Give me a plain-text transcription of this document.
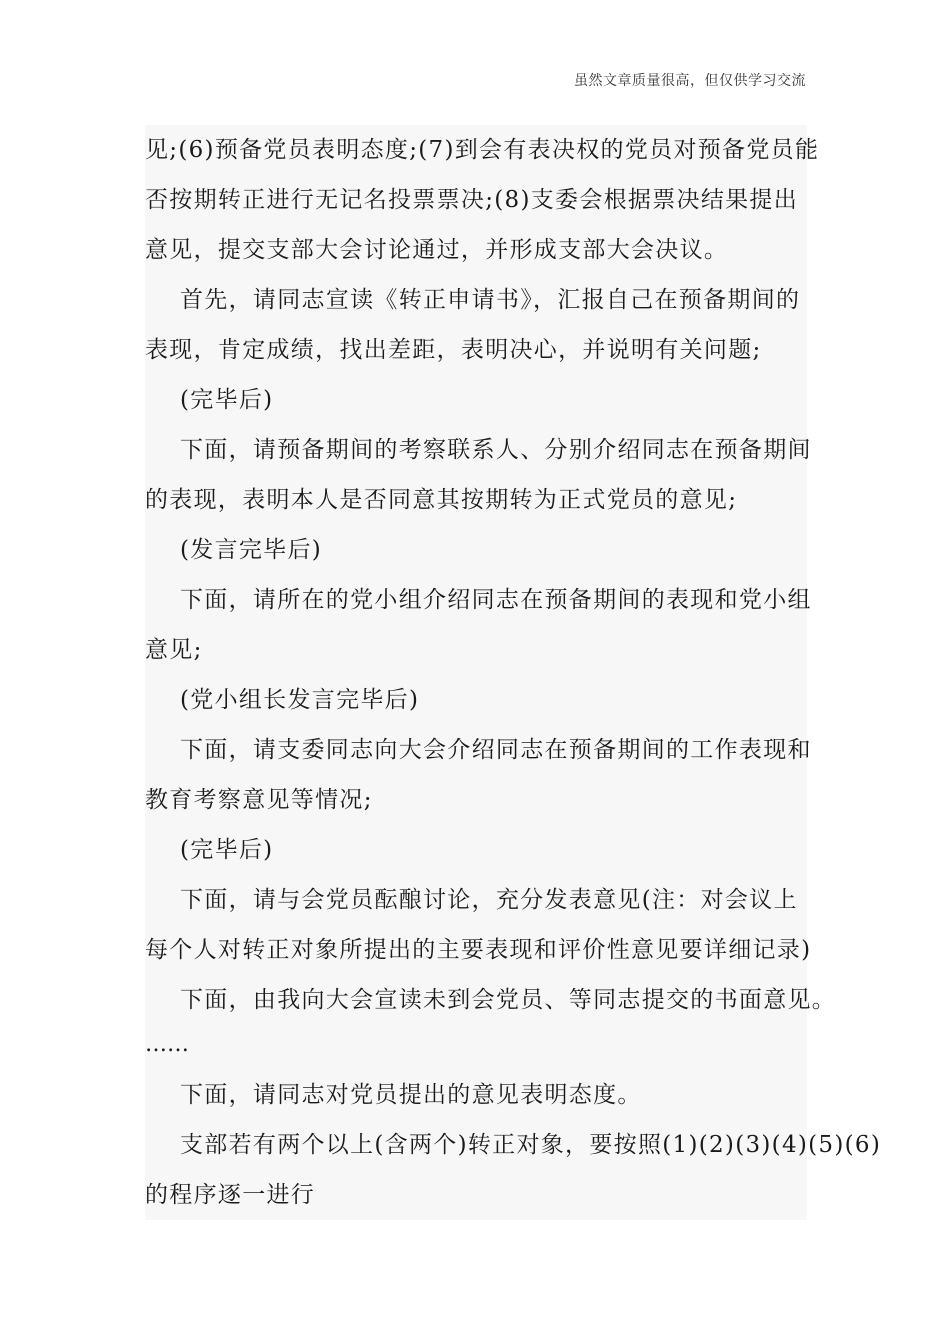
虽然文章质量很高，但仅供学习交流
见;(6)预备党员表明态度;(7)到会有表决权的党员对预备党员能
否按期转正进行无记名投票票决;(8)支委会根据票决结果提出
意见，提交支部大会讨论通过，并形成支部大会决议。
首先，请同志宣读《转正申请书》，汇报自己在预备期间的
表现，肯定成绩，找出差距，表明决心，并说明有关问题;
(完毕后)
下面，请预备期间的考察联系人、分别介绍同志在预备期间
的表现，表明本人是否同意其按期转为正式党员的意见;
(发言完毕后)
下面，请所在的党小组介绍同志在预备期间的表现和党小组
意见;
(党小组长发言完毕后)
下面，请支委同志向大会介绍同志在预备期间的工作表现和
教育考察意见等情况;
(完毕后)
下面，请与会党员酝酿讨论，充分发表意见(注：对会议上
每个人对转正对象所提出的主要表现和评价性意见要详细记录)
下面，由我向大会宣读未到会党员、等同志提交的书面意见。
……
下面，请同志对党员提出的意见表明态度。
支部若有两个以上(含两个)转正对象，要按照(1)(2)(3)(4)(5)(6)
的程序逐一进行
